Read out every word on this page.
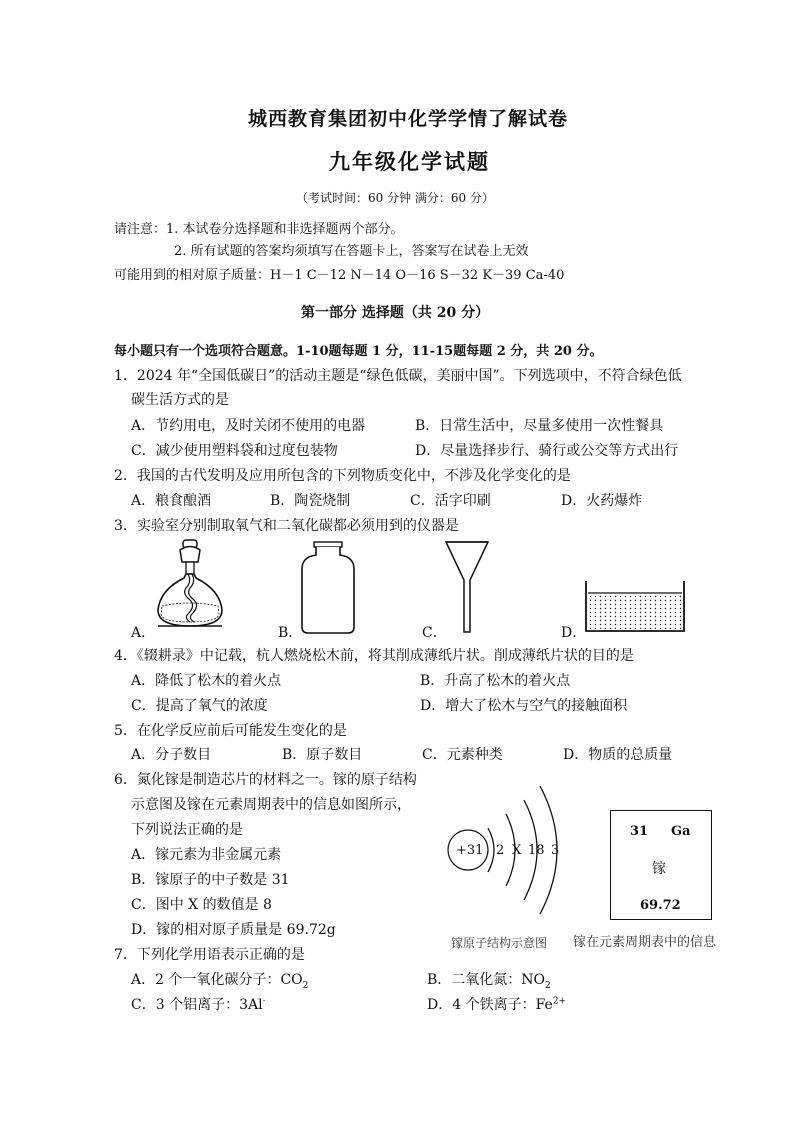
城西教育集团初中化学学情了解试卷
九年级化学试题
（考试时间：60 分钟 满分：60 分）
请注意：1. 本试卷分选择题和非选择题两个部分。
2. 所有试题的答案均须填写在答题卡上，答案写在试卷上无效
可能用到的相对原子质量：H－1 C－12 N－14 O－16 S－32 K－39 Ca-40
第一部分 选择题（共 20 分）
每小题只有一个选项符合题意。1-10题每题 1 分，11-15题每题 2 分，共 20 分。
1．2024 年“全国低碳日”的活动主题是“绿色低碳，美丽中国”。下列选项中，不符合绿色低
碳生活方式的是
A．节约用电，及时关闭不使用的电器	B．日常生活中，尽量多使用一次性餐具
C．减少使用塑料袋和过度包装物	D．尽量选择步行、骑行或公交等方式出行
2．我国的古代发明及应用所包含的下列物质变化中，不涉及化学变化的是
A．粮食酿酒	B．陶瓷烧制	C．活字印刷	D．火药爆炸
3．实验室分别制取氧气和二氧化碳都必须用到的仪器是
A．	B．	C．	D．
4．《辍耕录》中记载，杭人燃烧松木前，将其削成薄纸片状。削成薄纸片状的目的是
A．降低了松木的着火点	B．升高了松木的着火点
C．提高了氧气的浓度	D．增大了松木与空气的接触面积
5．在化学反应前后可能发生变化的是
A．分子数目	B．原子数目	C．元素种类	D．物质的总质量
6．氮化镓是制造芯片的材料之一。镓的原子结构
示意图及镓在元素周期表中的信息如图所示，
下列说法正确的是
A．镓元素为非金属元素
B．镓原子的中子数是 31
C．图中 X 的数值是 8
D．镓的相对原子质量是 69.72g
+31 2 X 18 3
镓原子结构示意图
31 Ga
镓
69.72
镓在元素周期表中的信息
7．下列化学用语表示正确的是
A．2 个一氧化碳分子：$CO_2$	B．二氧化氮：$NO_2$
C．3 个铝离子：3Al·	D．4 个铁离子：$Fe^{2+}$
